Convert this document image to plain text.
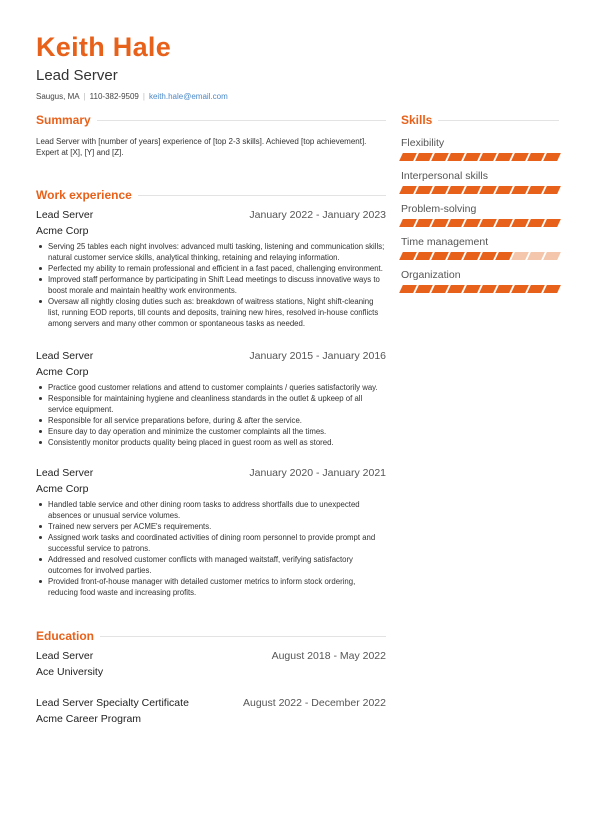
Keith Hale
Lead Server
Saugus, MA | 110-382-9509 | keith.hale@email.com
Summary

Lead Server with [number of years] experience of [top 2-3 skills]. Achieved [top achievement]. Expert at [X], [Y] and [Z].

Work experience
Lead Server	January 2022 - January 2023
Acme Corp
Serving 25 tables each night involves: advanced multi tasking, listening and communication skills; natural customer service skills, analytical thinking, retaining and relaying information.
Perfected my ability to remain professional and efficient in a fast paced, challenging environment.
Improved staff performance by participating in Shift Lead meetings to discuss innovative ways to boost morale and maintain healthy work environments.
Oversaw all nightly closing duties such as: breakdown of waitress stations, Night shift-cleaning list, running EOD reports, till counts and deposits, training new hires, resolved in-house conflicts among servers and many other common or spontaneous tasks as needed.
Lead Server	January 2015 - January 2016
Acme Corp
Practice good customer relations and attend to customer complaints / queries satisfactorily way.
Responsible for maintaining hygiene and cleanliness standards in the outlet & upkeep of all service equipment.
Responsible for all service preparations before, during & after the service.
Ensure day to day operation and minimize the customer complaints all the times.
Consistently monitor products quality being placed in guest room as well as stored.
Lead Server	January 2020 - January 2021
Acme Corp
Handled table service and other dining room tasks to address shortfalls due to unexpected absences or unusual service volumes.
Trained new servers per ACME's requirements.
Assigned work tasks and coordinated activities of dining room personnel to provide prompt and successful service to patrons.
Addressed and resolved customer conflicts with managed waitstaff, verifying satisfactory outcomes for involved parties.
Provided front-of-house manager with detailed customer metrics to inform stock ordering, reducing food waste and increasing profits.
Education
Lead Server	August 2018 - May 2022
Ace University
Lead Server Specialty Certificate	August 2022 - December 2022
Acme Career Program
Skills
Flexibility
Interpersonal skills
Problem-solving
Time management
Organization
